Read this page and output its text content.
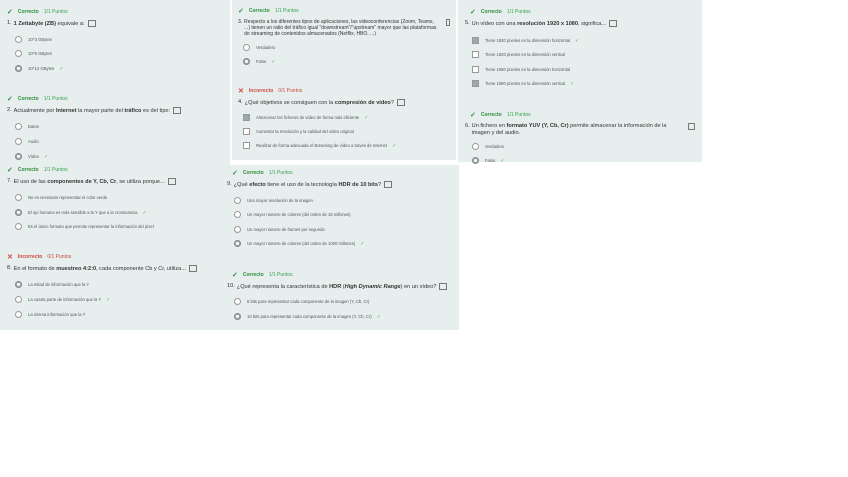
✓ Correcto 1/1 Puntos
1. 1 Zettabyte (ZB) equivale a:
10^3 GBytes
10^6 GBytes
10^12 GBytes ✓
✓ Correcto 1/1 Puntos
2. Actualmente por Internet la mayor parte del tráfico es del tipo:
Datos
Audio
Vídeo ✓
✓ Correcto 1/1 Puntos
7. El uso de las componentes de Y, Cb, Cr, se utiliza porque...
No es necesario representar el color verde
El ojo humano es más sensible a la Y que a la crominancia ✓
Es el único formato que permite representar la información del píxel
✕ Incorrecto 0/1 Puntos
8. En el formato de muestreo 4:2:0, cada componente Cb y Cr, utiliza...
La mitad de información que la Y
La cuarta parte de información que la Y ✓
La misma información que la Y
✓ Correcto 1/1 Puntos
3. Respecto a los diferentes tipos de aplicaciones, las videoconferencias (Zoom, Teams, ...) tienen un ratio del tráfico igual "downstream"/"upstream" mayor que las plataformas de streaming de contenidos almacenados (Netflix, HBO, ...)
Verdadero
Falso ✓
✕ Incorrecto 0/1 Puntos
4. ¿Qué objetivos se consiguen con la compresión de vídeo?
Almacenar los ficheros de vídeo de forma más eficiente ✓
Aumentar la resolución y la calidad del vídeo original
Realizar de forma adecuada el streaming de vídeo a través de Internet ✓
✓ Correcto 1/1 Puntos
9. ¿Qué efecto tiene el uso de la tecnología HDR de 10 bits?
Una mayor resolución de la imagen
Un mayor número de colores (del orden de 16 millones)
Un mayor número de frames por segundo
Un mayor número de colores (del orden de 1000 millones) ✓
✓ Correcto 1/1 Puntos
10. ¿Qué representa la característica de HDR (High Dynamic Range) en un vídeo?
8 bits para representar cada componente de la imagen (Y, Cb, Cr)
10 bits para representar cada componente de la imagen (Y, Cb, Cr) ✓
✓ Correcto 1/1 Puntos
5. Un vídeo con una resolución 1920 x 1080, significa...
Tiene 1920 píxeles en la dimensión horizontal ✓
Tiene 1920 píxeles en la dimensión vertical
Tiene 1080 píxeles en la dimensión horizontal
Tiene 1080 píxeles en la dimensión vertical ✓
✓ Correcto 1/1 Puntos
6. Un fichero en formato YUV (Y, Cb, Cr) permite almacenar la información de la imagen y del audio.
Verdadero
Falso ✓
